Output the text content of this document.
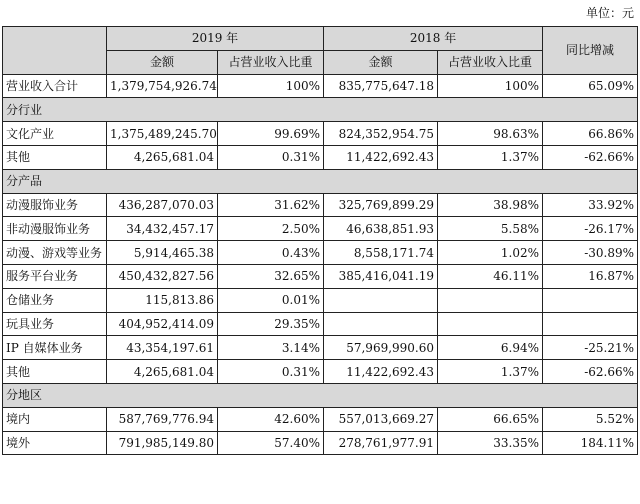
单位：元
	2019 年		2018 年		同比增减
	金额	占营业收入比重	金额	占营业收入比重	
营业收入合计	1,379,754,926.74	100%	835,775,647.18	100%	65.09%
分行业					
文化产业	1,375,489,245.70	99.69%	824,352,954.75	98.63%	66.86%
其他	4,265,681.04	0.31%	11,422,692.43	1.37%	-62.66%
分产品					
动漫服饰业务	436,287,070.03	31.62%	325,769,899.29	38.98%	33.92%
非动漫服饰业务	34,432,457.17	2.50%	46,638,851.93	5.58%	-26.17%
动漫、游戏等业务	5,914,465.38	0.43%	8,558,171.74	1.02%	-30.89%
服务平台业务	450,432,827.56	32.65%	385,416,041.19	46.11%	16.87%
仓储业务	115,813.86	0.01%			
玩具业务	404,952,414.09	29.35%			
IP 自媒体业务	43,354,197.61	3.14%	57,969,990.60	6.94%	-25.21%
其他	4,265,681.04	0.31%	11,422,692.43	1.37%	-62.66%
分地区					
境内	587,769,776.94	42.60%	557,013,669.27	66.65%	5.52%
境外	791,985,149.80	57.40%	278,761,977.91	33.35%	184.11%
